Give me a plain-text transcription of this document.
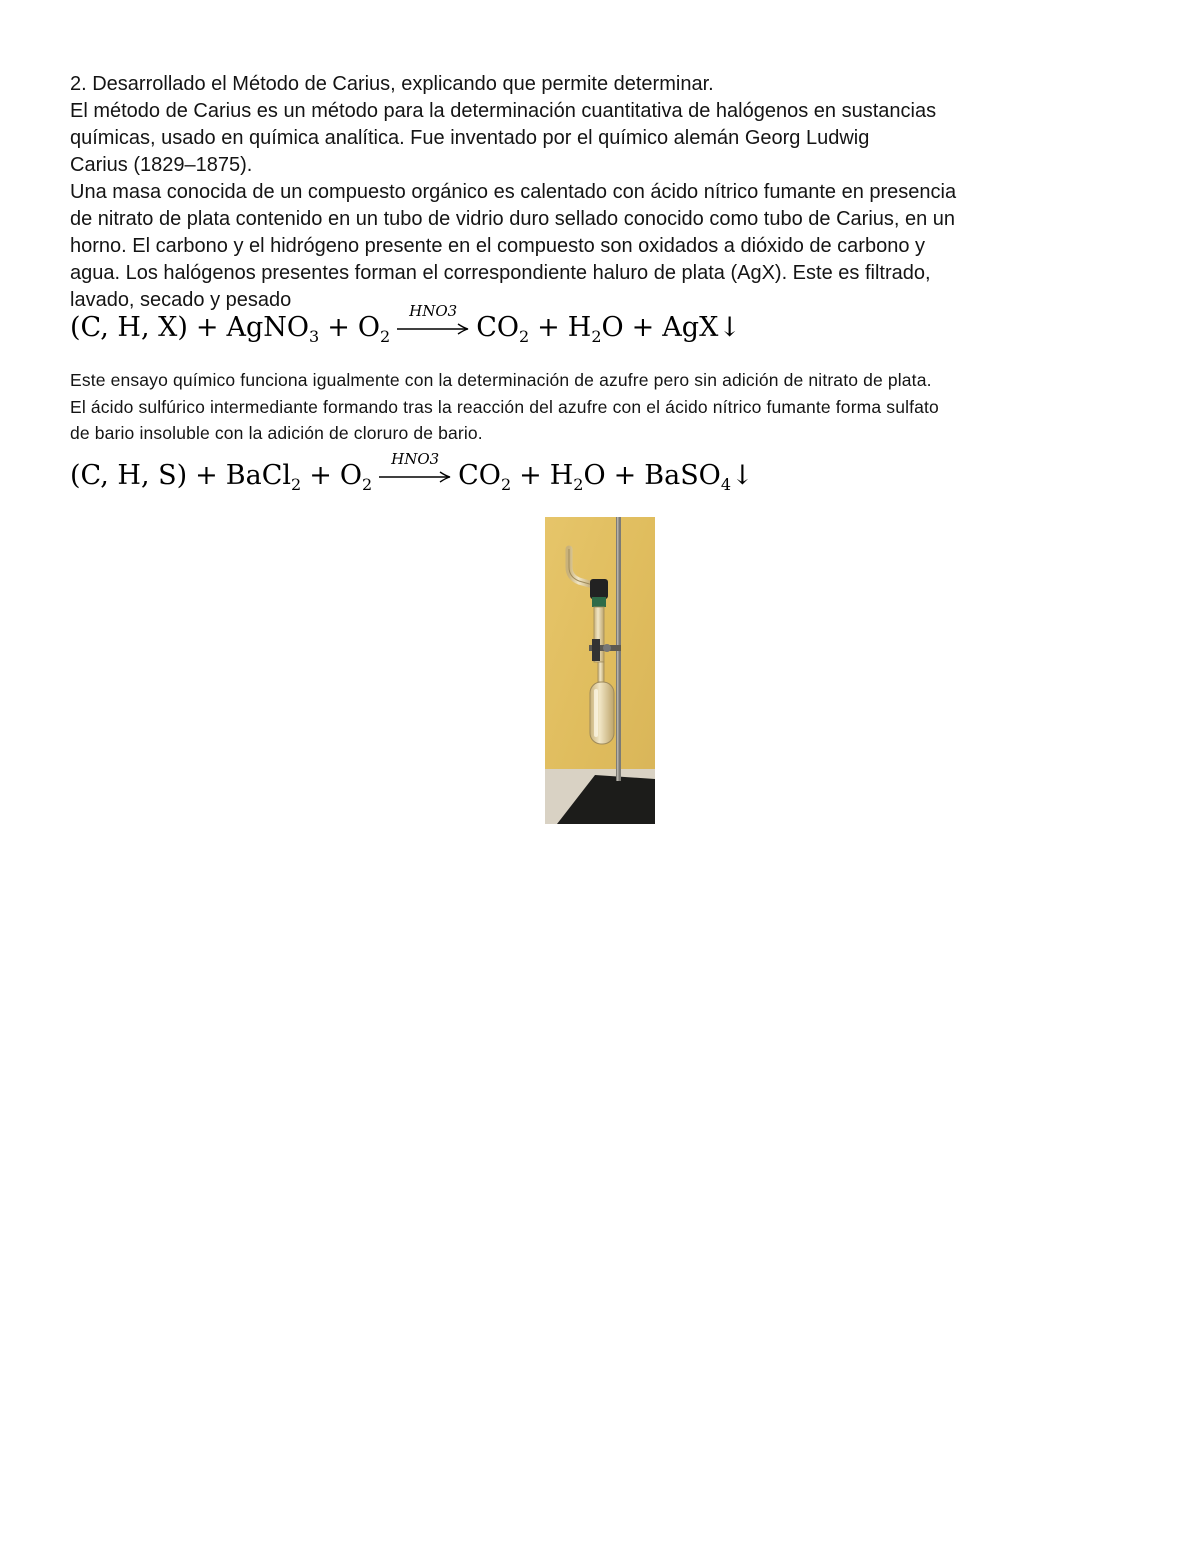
2. Desarrollado el Método de Carius, explicando que permite determinar.

El método de Carius es un método para la determinación cuantitativa de halógenos en sustancias
químicas, usado en química analítica. Fue inventado por el químico alemán Georg Ludwig
Carius (1829–1875).
Una masa conocida de un compuesto orgánico es calentado con ácido nítrico fumante en presencia
de nitrato de plata contenido en un tubo de vidrio duro sellado conocido como tubo de Carius, en un
horno. El carbono y el hidrógeno presente en el compuesto son oxidados a dióxido de carbono y
agua. Los halógenos presentes forman el correspondiente haluro de plata (AgX). Este es filtrado,
lavado, secado y pesado
(C, H, X) + AgNO$_3$ + $O_2$
HNO3
$CO_2 + H_2O$ + AgX↓
Este ensayo químico funciona igualmente con la determinación de azufre pero sin adición de nitrato de plata.
El ácido sulfúrico intermediante formando tras la reacción del azufre con el ácido nítrico fumante forma sulfato
de bario insoluble con la adición de cloruro de bario.
(C, H, S) + BaCl$_2$ + $O_2$
HNO3
$CO_2 + H_2O$ + BaSO$_4$↓
